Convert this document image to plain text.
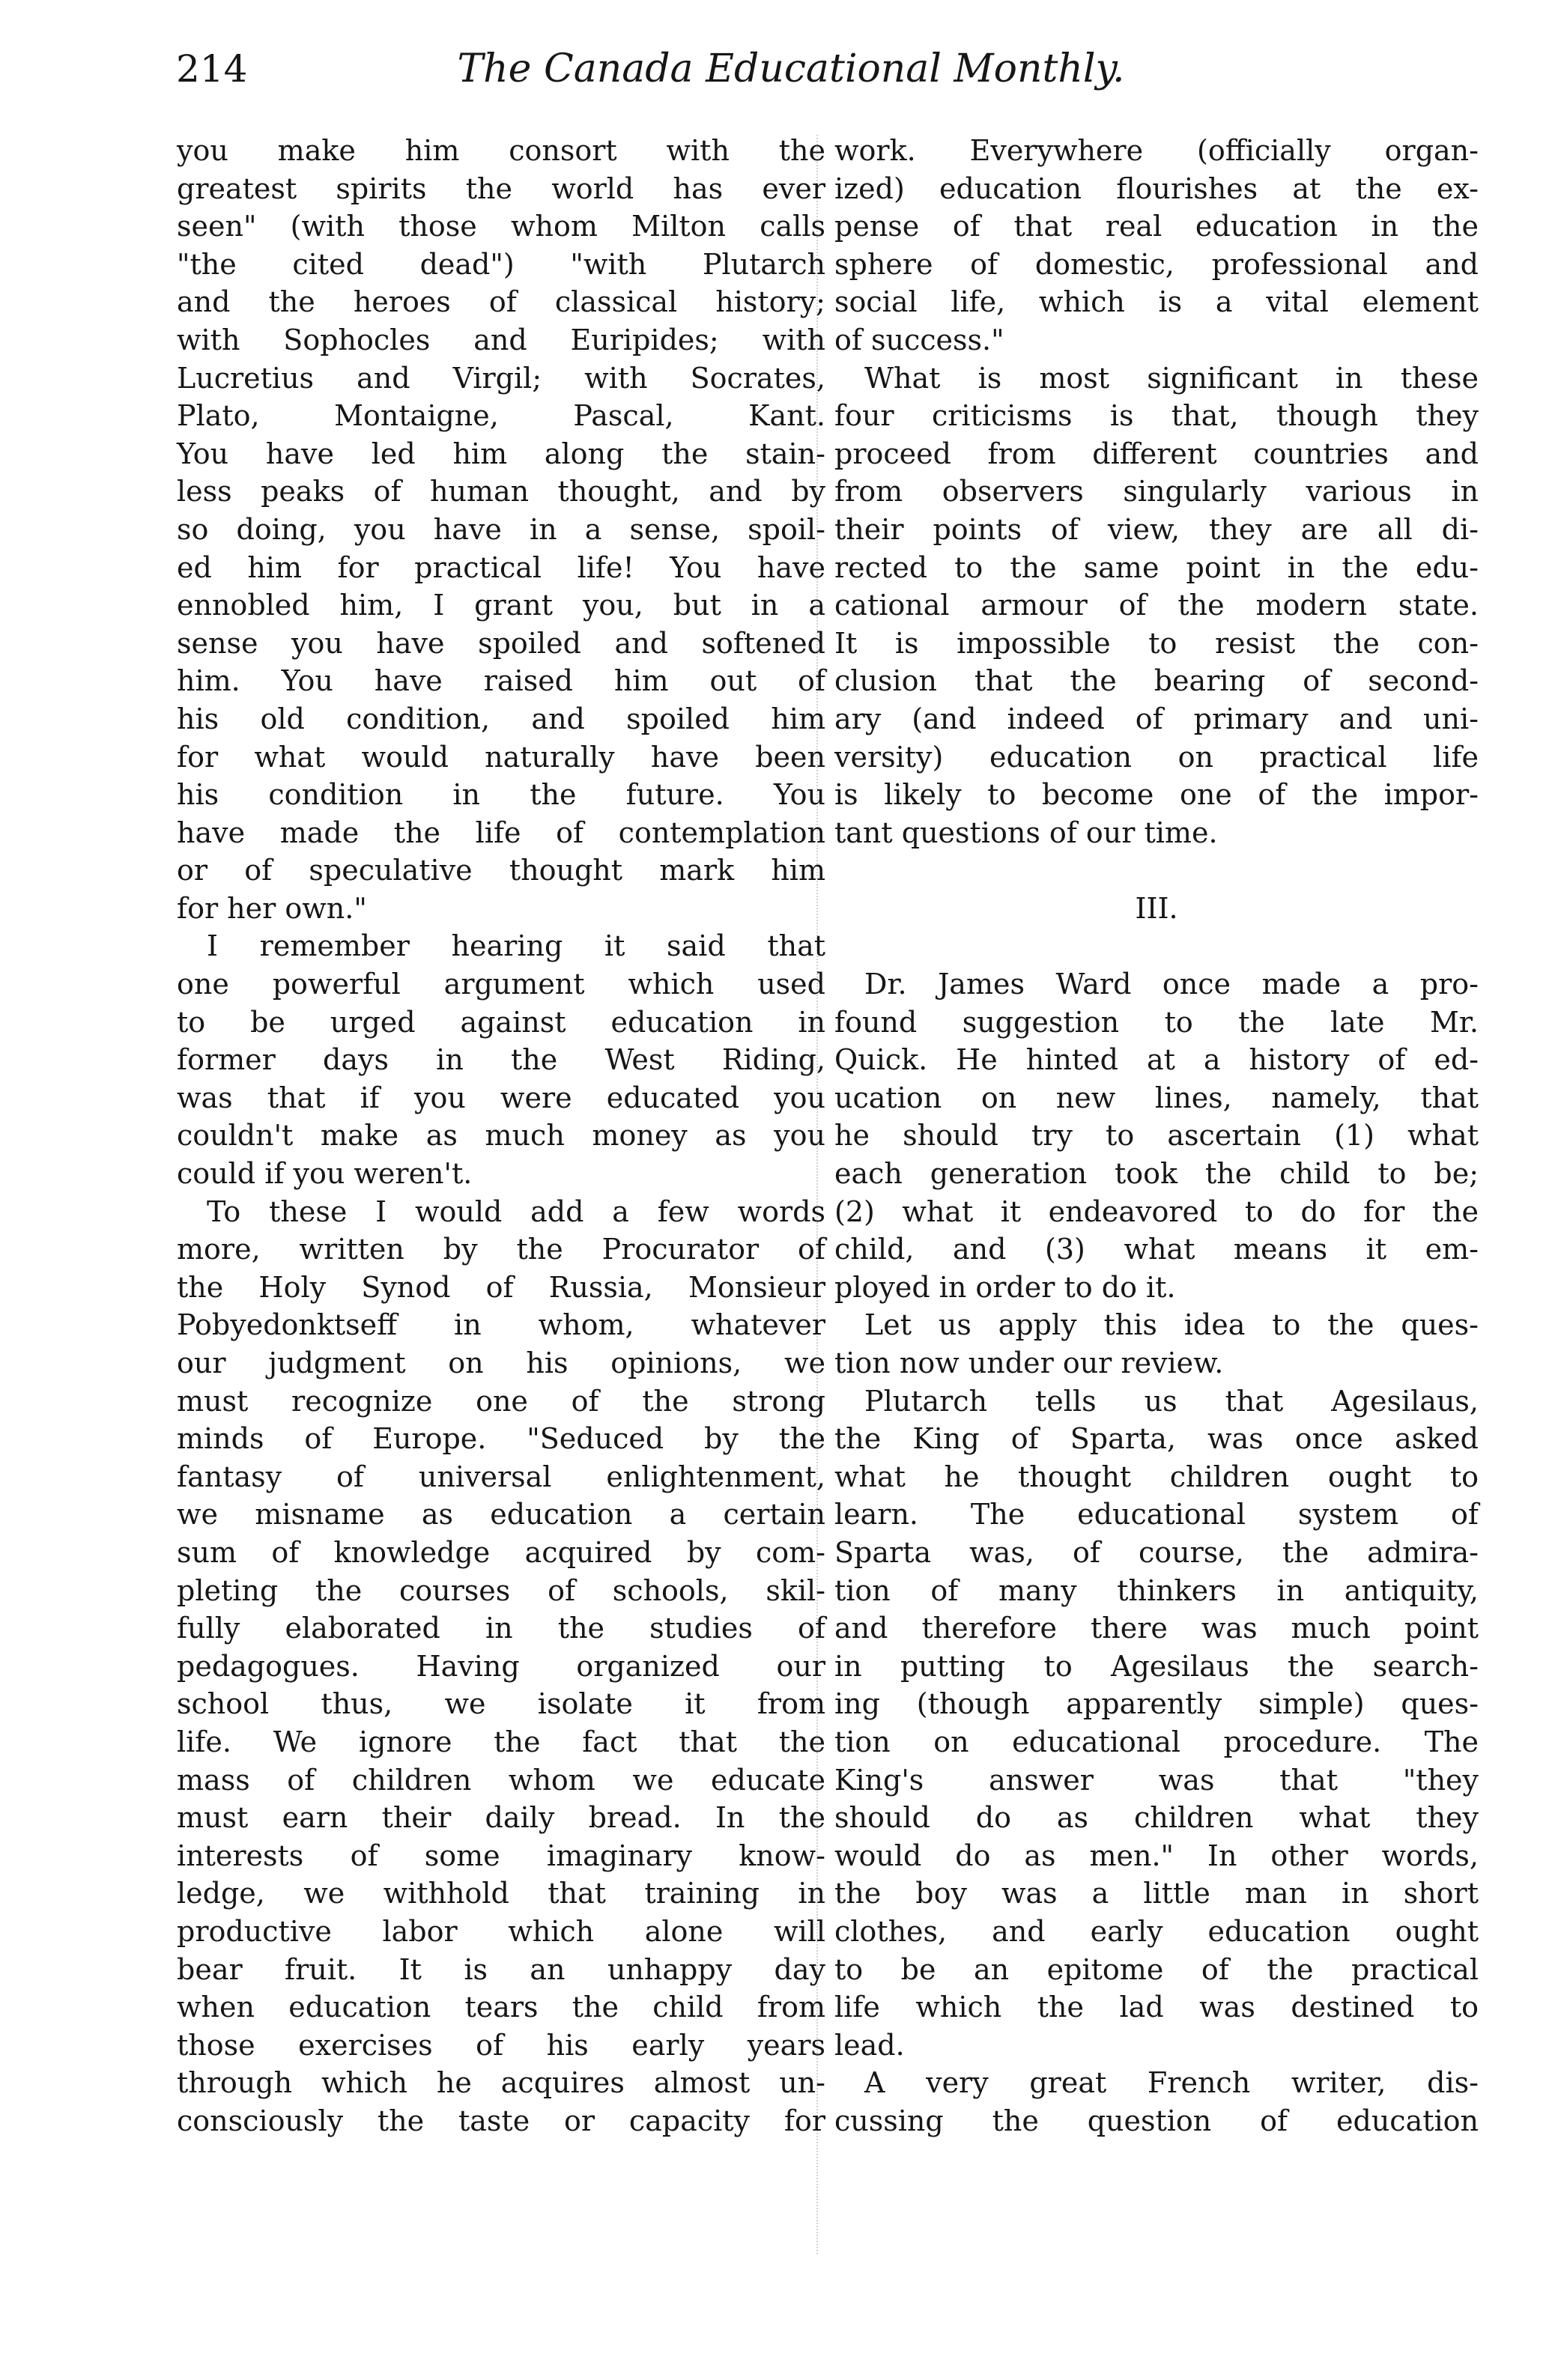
214	The Canada Educational Monthly.
you make him consort with the
greatest spirits the world has ever
seen" (with those whom Milton calls
"the cited dead") "with Plutarch
and the heroes of classical history;
with Sophocles and Euripides; with
Lucretius and Virgil; with Socrates,
Plato, Montaigne, Pascal, Kant.
You have led him along the stain-
less peaks of human thought, and by
so doing, you have in a sense, spoil-
ed him for practical life! You have
ennobled him, I grant you, but in a
sense you have spoiled and softened
him. You have raised him out of
his old condition, and spoiled him
for what would naturally have been
his condition in the future. You
have made the life of contemplation
or of speculative thought mark him
for her own."
I remember hearing it said that
one powerful argument which used
to be urged against education in
former days in the West Riding,
was that if you were educated you
couldn't make as much money as you
could if you weren't.
To these I would add a few words
more, written by the Procurator of
the Holy Synod of Russia, Monsieur
Pobyedonktseff in whom, whatever
our judgment on his opinions, we
must recognize one of the strong
minds of Europe. "Seduced by the
fantasy of universal enlightenment,
we misname as education a certain
sum of knowledge acquired by com-
pleting the courses of schools, skil-
fully elaborated in the studies of
pedagogues. Having organized our
school thus, we isolate it from
life. We ignore the fact that the
mass of children whom we educate
must earn their daily bread. In the
interests of some imaginary know-
ledge, we withhold that training in
productive labor which alone will
bear fruit. It is an unhappy day
when education tears the child from
those exercises of his early years
through which he acquires almost un-
consciously the taste or capacity for
work. Everywhere (officially organ-
ized) education flourishes at the ex-
pense of that real education in the
sphere of domestic, professional and
social life, which is a vital element
of success."
What is most significant in these
four criticisms is that, though they
proceed from different countries and
from observers singularly various in
their points of view, they are all di-
rected to the same point in the edu-
cational armour of the modern state.
It is impossible to resist the con-
clusion that the bearing of second-
ary (and indeed of primary and uni-
versity) education on practical life
is likely to become one of the impor-
tant questions of our time.
III.
Dr. James Ward once made a pro-
found suggestion to the late Mr.
Quick. He hinted at a history of ed-
ucation on new lines, namely, that
he should try to ascertain (1) what
each generation took the child to be;
(2) what it endeavored to do for the
child, and (3) what means it em-
ployed in order to do it.
Let us apply this idea to the ques-
tion now under our review.
Plutarch tells us that Agesilaus,
the King of Sparta, was once asked
what he thought children ought to
learn. The educational system of
Sparta was, of course, the admira-
tion of many thinkers in antiquity,
and therefore there was much point
in putting to Agesilaus the search-
ing (though apparently simple) ques-
tion on educational procedure. The
King's answer was that "they
should do as children what they
would do as men." In other words,
the boy was a little man in short
clothes, and early education ought
to be an epitome of the practical
life which the lad was destined to
lead.
A very great French writer, dis-
cussing the question of education
